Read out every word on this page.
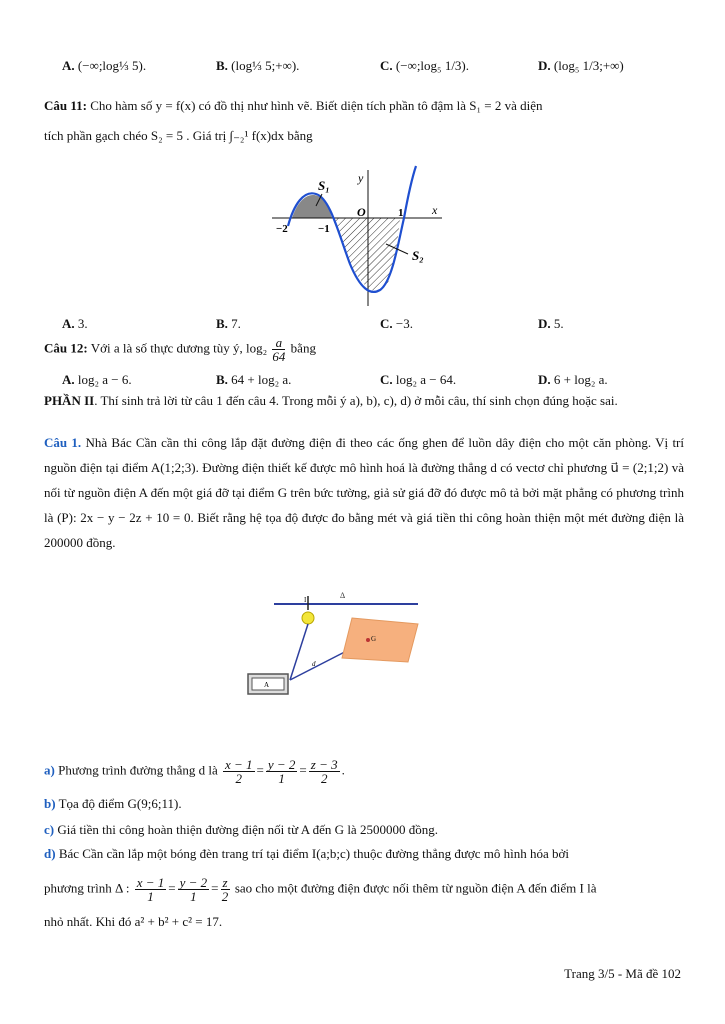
A. (−∞;log⅓ 5).	B. (log⅓ 5;+∞).	C. (−∞;log₅ 1/3).	D. (log₅ 1/3;+∞)
Câu 11: Cho hàm số y = f(x) có đồ thị như hình vẽ. Biết diện tích phần tô đậm là S₁ = 2 và diện
tích phần gạch chéo S₂ = 5 . Giá trị ∫₋₂¹ f(x)dx bằng
S₁ y
x
O	1
−1
−2
S₂
A. 3.	B. 7.	C. −3.	D. 5.
Câu 12: Với a là số thực dương tùy ý, $\log_2 \frac{a}{64}$ bằng
A. log₂ a − 6.	B. 64 + log₂ a.	C. log₂ a − 64.	D. 6 + log₂ a.
PHẦN II. Thí sinh trả lời từ câu 1 đến câu 4. Trong mỗi ý a), b), c), d) ở mỗi câu, thí sinh chọn đúng hoặc sai.
Câu 1. Nhà Bác Cần cần thi công lắp đặt đường điện đi theo các ống ghen để luồn dây điện cho một căn phòng. Vị trí nguồn điện tại điểm A(1;2;3). Đường điện thiết kế được mô hình hoá là đường thẳng d có vectơ chỉ phương u⃗ = (2;1;2) và nối từ nguồn điện A đến một giá đỡ tại điểm G trên bức tường, giả sử giá đỡ đó được mô tả bởi mặt phẳng có phương trình là (P): 2x − y − 2z + 10 = 0. Biết rằng hệ tọa độ được đo bằng mét và giá tiền thi công hoàn thiện một mét đường điện là 200000 đồng.
Δ
I
d
G
A
a) Phương trình đường thẳng d là $\frac{x - 1}{2} = \frac{y - 2}{1} = \frac{z - 3}{2}$ .
b) Tọa độ điểm G(9;6;11).
c) Giá tiền thi công hoàn thiện đường điện nối từ A đến G là 2500000 đồng.
d) Bác Cần cần lắp một bóng đèn trang trí tại điểm I(a;b;c) thuộc đường thẳng được mô hình hóa bởi
phương trình Δ : $\frac{x - 1}{1} = \frac{y - 2}{1} = \frac{z}{2}$ sao cho một đường điện được nối thêm từ nguồn điện A đến điểm I là
nhỏ nhất. Khi đó a² + b² + c² = 17.
Trang 3/5 - Mã đề 102
